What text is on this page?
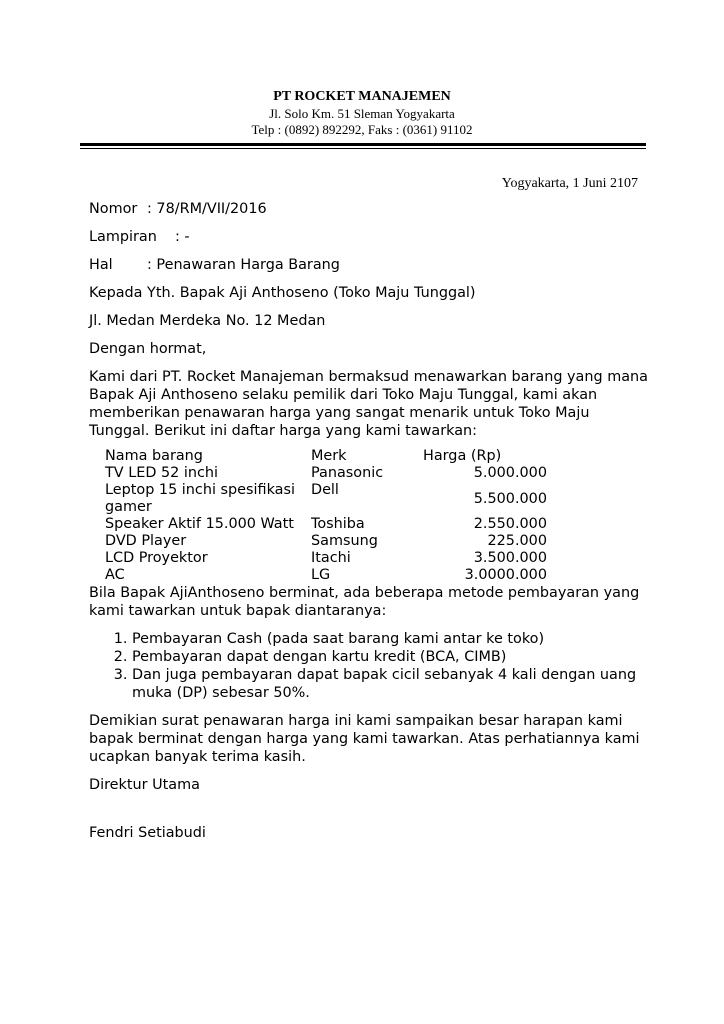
PT ROCKET MANAJEMEN
Jl. Solo Km. 51 Sleman Yogyakarta
Telp : (0892) 892292, Faks : (0361) 91102
Yogyakarta, 1 Juni 2107
Nomor : 78/RM/VII/2016
Lampiran : -
Hal : Penawaran Harga Barang

Kepada Yth. Bapak Aji Anthoseno (Toko Maju Tunggal)

Jl. Medan Merdeka No. 12 Medan

Dengan hormat,

Kami dari PT. Rocket Manajeman bermaksud menawarkan barang yang mana Bapak Aji Anthoseno selaku pemilik dari Toko Maju Tunggal, kami akan memberikan penawaran harga yang sangat menarik untuk Toko Maju Tunggal. Berikut ini daftar harga yang kami tawarkan:

Nama barang	Merk	Harga (Rp)
TV LED 52 inchi	Panasonic	5.000.000
Leptop 15 inchi spesifikasi gamer	Dell	5.500.000
Speaker Aktif 15.000 Watt	Toshiba	2.550.000
DVD Player	Samsung	225.000
LCD Proyektor	Itachi	3.500.000
AC	LG	3.0000.000

Bila Bapak AjiAnthoseno berminat, ada beberapa metode pembayaran yang kami tawarkan untuk bapak diantaranya:

1. Pembayaran Cash (pada saat barang kami antar ke toko)
2. Pembayaran dapat dengan kartu kredit (BCA, CIMB)
3. Dan juga pembayaran dapat bapak cicil sebanyak 4 kali dengan uang muka (DP) sebesar 50%.

Demikian surat penawaran harga ini kami sampaikan besar harapan kami bapak berminat dengan harga yang kami tawarkan. Atas perhatiannya kami ucapkan banyak terima kasih.

Direktur Utama

Fendri Setiabudi
